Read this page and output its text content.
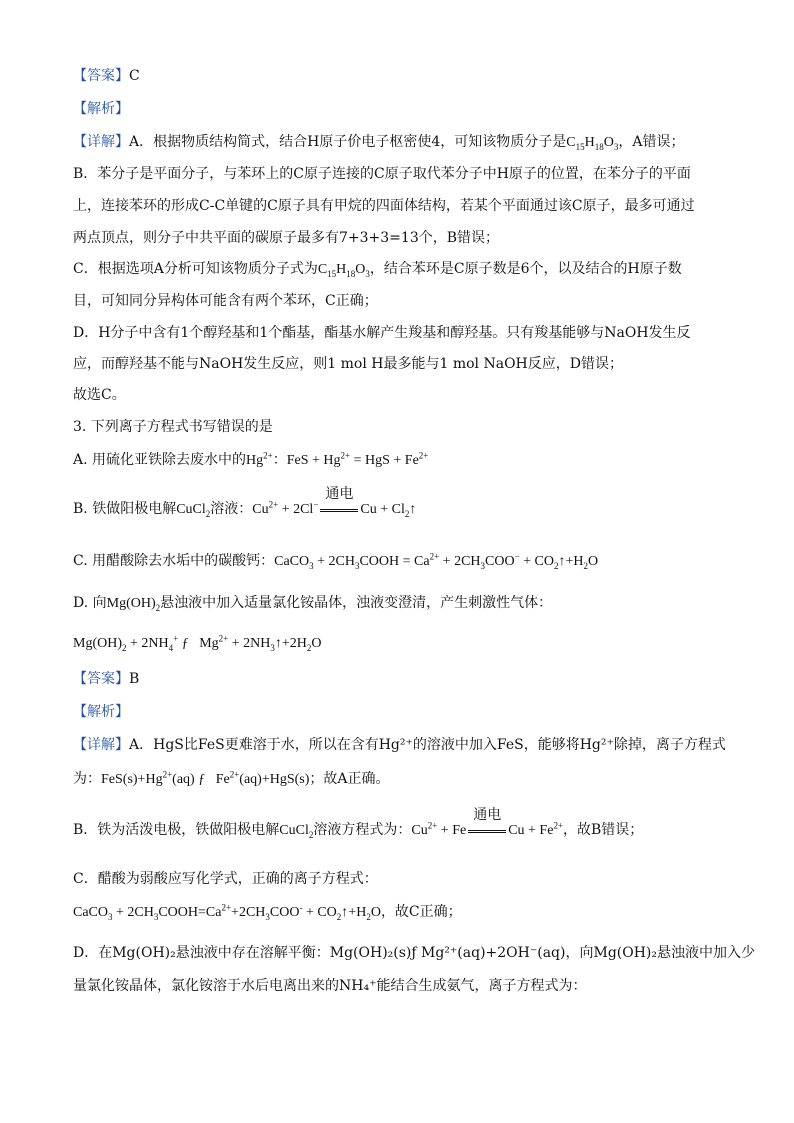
【答案】C
【解析】
【详解】A．根据物质结构简式，结合H原子价电子枢密使4，可知该物质分子是$C_{15}H_{18}O_3$，A错误；
B．苯分子是平面分子，与苯环上的C原子连接的C原子取代苯分子中H原子的位置，在苯分子的平面
上，连接苯环的形成C-C单键的C原子具有甲烷的四面体结构，若某个平面通过该C原子，最多可通过
两点顶点，则分子中共平面的碳原子最多有7+3+3=13个，B错误；
C．根据选项A分析可知该物质分子式为$C_{15}H_{18}O_3$，结合苯环是C原子数是6个，以及结合的H原子数
目，可知同分异构体可能含有两个苯环，C正确；
D．H分子中含有1个醇羟基和1个酯基，酯基水解产生羧基和醇羟基。只有羧基能够与NaOH发生反
应，而醇羟基不能与NaOH发生反应，则1 mol H最多能与1 mol NaOH反应，D错误；
故选C。
3. 下列离子方程式书写错误的是
A. 用硫化亚铁除去废水中的$Hg^{2+}$：FeS + $Hg^{2+}$ = HgS + $Fe^{2+}$
B. 铁做阳极电解CuCl$_2$溶液：$Cu^{2+} + 2Cl^-$
通电
$Cu + Cl_2↑$
C. 用醋酸除去水垢中的碳酸钙：CaCO$_3$ + $2CH_3COOH = Ca^{2+} + 2CH_3COO^-$ + $CO_2↑+H_2O$
D. 向$Mg(OH)_2$悬浊液中加入适量氯化铵晶体，浊液变澄清，产生刺激性气体：
$Mg(OH)_2 + 2NH_4^+$ ƒ   $Mg^{2+}$ + $2NH_3↑+2H_2O$
【答案】B
【解析】
【详解】A．HgS比FeS更难溶于水，所以在含有Hg²⁺的溶液中加入FeS，能够将Hg²⁺除掉，离子方程式
为：$FeS(s)+Hg^{2+}(aq)$ ƒ   $Fe^{2+}(aq)+HgS(s)$；故A正确。
B．铁为活泼电极，铁做阳极电解CuCl$_2$溶液方程式为：$Cu^{2+} + Fe$
通电
$Cu + Fe^{2+}$，故B错误；
C．醋酸为弱酸应写化学式，正确的离子方程式：
CaCO$_3$ + $2CH_3COOH=Ca^{2+}+2CH_3COO^-$ + $CO_2↑+H_2O$，故C正确；
D．在Mg(OH)₂悬浊液中存在溶解平衡：Mg(OH)₂(s)ƒ Mg²⁺(aq)+2OH⁻(aq)，向Mg(OH)₂悬浊液中加入少
量氯化铵晶体，氯化铵溶于水后电离出来的NH₄⁺能结合生成氨气，离子方程式为：
